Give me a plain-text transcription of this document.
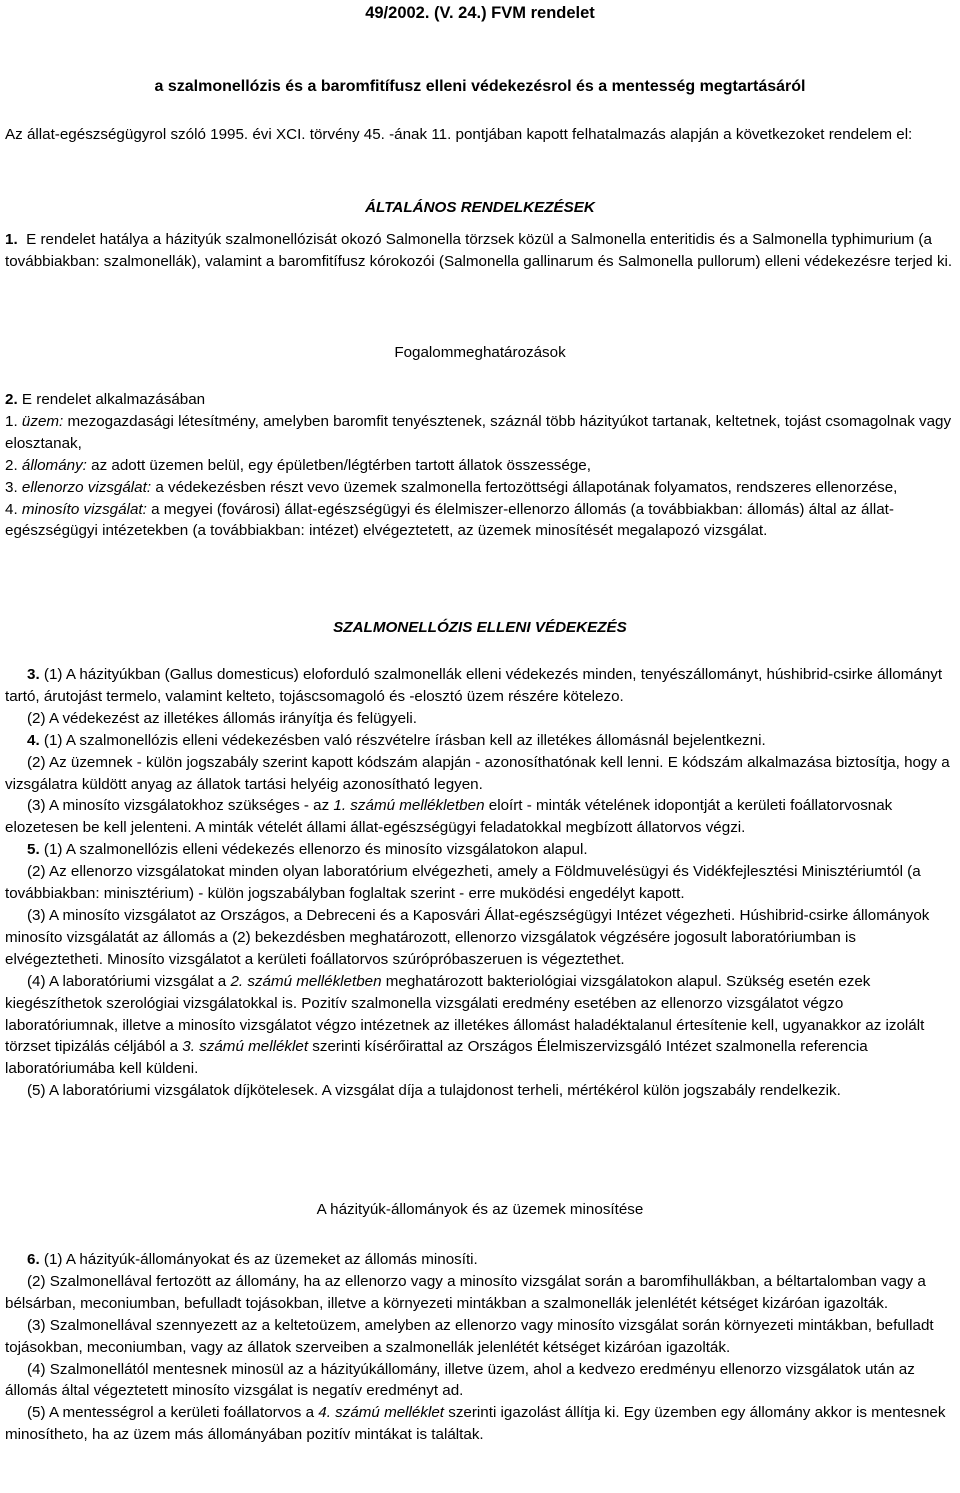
49/2002. (V. 24.) FVM rendelet
a szalmonellózis és a baromfitífusz elleni védekezésrol és a mentesség megtartásáról

Az állat-egészségügyrol szóló 1995. évi XCI. törvény 45. -ának 11. pontjában kapott felhatalmazás alapján a következoket rendelem el:

ÁLTALÁNOS RENDELKEZÉSEK

1. E rendelet hatálya a házityúk szalmonellózisát okozó Salmonella törzsek közül a Salmonella enteritidis és a Salmonella typhimurium (a továbbiakban: szalmonellák), valamint a baromfitífusz kórokozói (Salmonella gallinarum és Salmonella pullorum) elleni védekezésre terjed ki.

Fogalommeghatározások

2. E rendelet alkalmazásában

1. üzem: mezogazdasági létesítmény, amelyben baromfit tenyésztenek, száznál több házityúkot tartanak, keltetnek, tojást csomagolnak vagy elosztanak,

2. állomány: az adott üzemen belül, egy épületben/légtérben tartott állatok összessége,

3. ellenorzo vizsgálat: a védekezésben részt vevo üzemek szalmonella fertozöttségi állapotának folyamatos, rendszeres ellenorzése,

4. minosíto vizsgálat: a megyei (fovárosi) állat-egészségügyi és élelmiszer-ellenorzo állomás (a továbbiakban: állomás) által az állat-egészségügyi intézetekben (a továbbiakban: intézet) elvégeztetett, az üzemek minosítését megalapozó vizsgálat.

SZALMONELLÓZIS ELLENI VÉDEKEZÉS

3. (1) A házityúkban (Gallus domesticus) eloforduló szalmonellák elleni védekezés minden, tenyészállományt, húshibrid-csirke állományt tartó, árutojást termelo, valamint kelteto, tojáscsomagoló és -elosztó üzem részére kötelezo.

(2) A védekezést az illetékes állomás irányítja és felügyeli.

4. (1) A szalmonellózis elleni védekezésben való részvételre írásban kell az illetékes állomásnál bejelentkezni.

(2) Az üzemnek - külön jogszabály szerint kapott kódszám alapján - azonosíthatónak kell lenni. E kódszám alkalmazása biztosítja, hogy a vizsgálatra küldött anyag az állatok tartási helyéig azonosítható legyen.

(3) A minosíto vizsgálatokhoz szükséges - az 1. számú mellékletben eloírt - minták vételének idopontját a kerületi foállatorvosnak elozetesen be kell jelenteni. A minták vételét állami állat-egészségügyi feladatokkal megbízott állatorvos végzi.

5. (1) A szalmonellózis elleni védekezés ellenorzo és minosíto vizsgálatokon alapul.

(2) Az ellenorzo vizsgálatokat minden olyan laboratórium elvégezheti, amely a Földmuvelésügyi és Vidékfejlesztési Minisztériumtól (a továbbiakban: minisztérium) - külön jogszabályban foglaltak szerint - erre muködési engedélyt kapott.

(3) A minosíto vizsgálatot az Országos, a Debreceni és a Kaposvári Állat-egészségügyi Intézet végezheti. Húshibrid-csirke állományok minosíto vizsgálatát az állomás a (2) bekezdésben meghatározott, ellenorzo vizsgálatok végzésére jogosult laboratóriumban is elvégeztetheti. Minosíto vizsgálatot a kerületi foállatorvos szúrópróbaszeruen is végeztethet.

(4) A laboratóriumi vizsgálat a 2. számú mellékletben meghatározott bakteriológiai vizsgálatokon alapul. Szükség esetén ezek kiegészíthetok szerológiai vizsgálatokkal is. Pozitív szalmonella vizsgálati eredmény esetében az ellenorzo vizsgálatot végzo laboratóriumnak, illetve a minosíto vizsgálatot végzo intézetnek az illetékes állomást haladéktalanul értesítenie kell, ugyanakkor az izolált törzset tipizálás céljából a 3. számú melléklet szerinti kísérőirattal az Országos Élelmiszervizsgáló Intézet szalmonella referencia laboratóriumába kell küldeni.

(5) A laboratóriumi vizsgálatok díjkötelesek. A vizsgálat díja a tulajdonost terheli, mértékérol külön jogszabály rendelkezik.

A házityúk-állományok és az üzemek minosítése

6. (1) A házityúk-állományokat és az üzemeket az állomás minosíti.

(2) Szalmonellával fertozött az állomány, ha az ellenorzo vagy a minosíto vizsgálat során a baromfihullákban, a béltartalomban vagy a bélsárban, meconiumban, befulladt tojásokban, illetve a környezeti mintákban a szalmonellák jelenlétét kétséget kizáróan igazolták.

(3) Szalmonellával szennyezett az a keltetoüzem, amelyben az ellenorzo vagy minosíto vizsgálat során környezeti mintákban, befulladt tojásokban, meconiumban, vagy az állatok szerveiben a szalmonellák jelenlétét kétséget kizáróan igazolták.

(4) Szalmonellától mentesnek minosül az a házityúkállomány, illetve üzem, ahol a kedvezo eredményu ellenorzo vizsgálatok után az állomás által végeztetett minosíto vizsgálat is negatív eredményt ad.

(5) A mentességrol a kerületi foállatorvos a 4. számú melléklet szerinti igazolást állítja ki. Egy üzemben egy állomány akkor is mentesnek minosítheto, ha az üzem más állományában pozitív mintákat is találtak.
